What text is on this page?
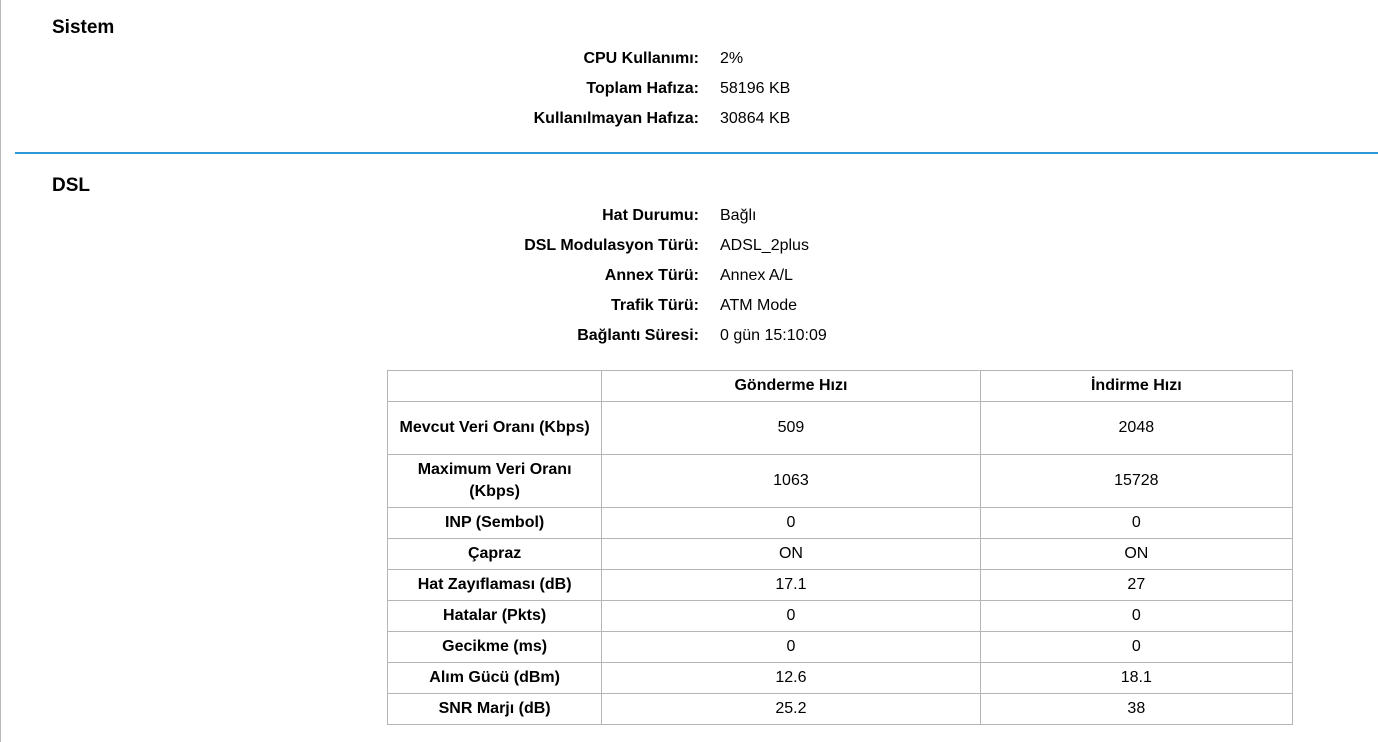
Sistem
CPU Kullanımı: 2%
Toplam Hafıza: 58196 KB
Kullanılmayan Hafıza: 30864 KB
DSL
Hat Durumu: Bağlı
DSL Modulasyon Türü: ADSL_2plus
Annex Türü: Annex A/L
Trafik Türü: ATM Mode
Bağlantı Süresi: 0 gün 15:10:09
	Gönderme Hızı	İndirme Hızı
Mevcut Veri Oranı (Kbps)	509	2048
Maximum Veri Oranı (Kbps)	1063	15728
INP (Sembol)	0	0
Çapraz	ON	ON
Hat Zayıflaması (dB)	17.1	27
Hatalar (Pkts)	0	0
Gecikme (ms)	0	0
Alım Gücü (dBm)	12.6	18.1
SNR Marjı (dB)	25.2	38
